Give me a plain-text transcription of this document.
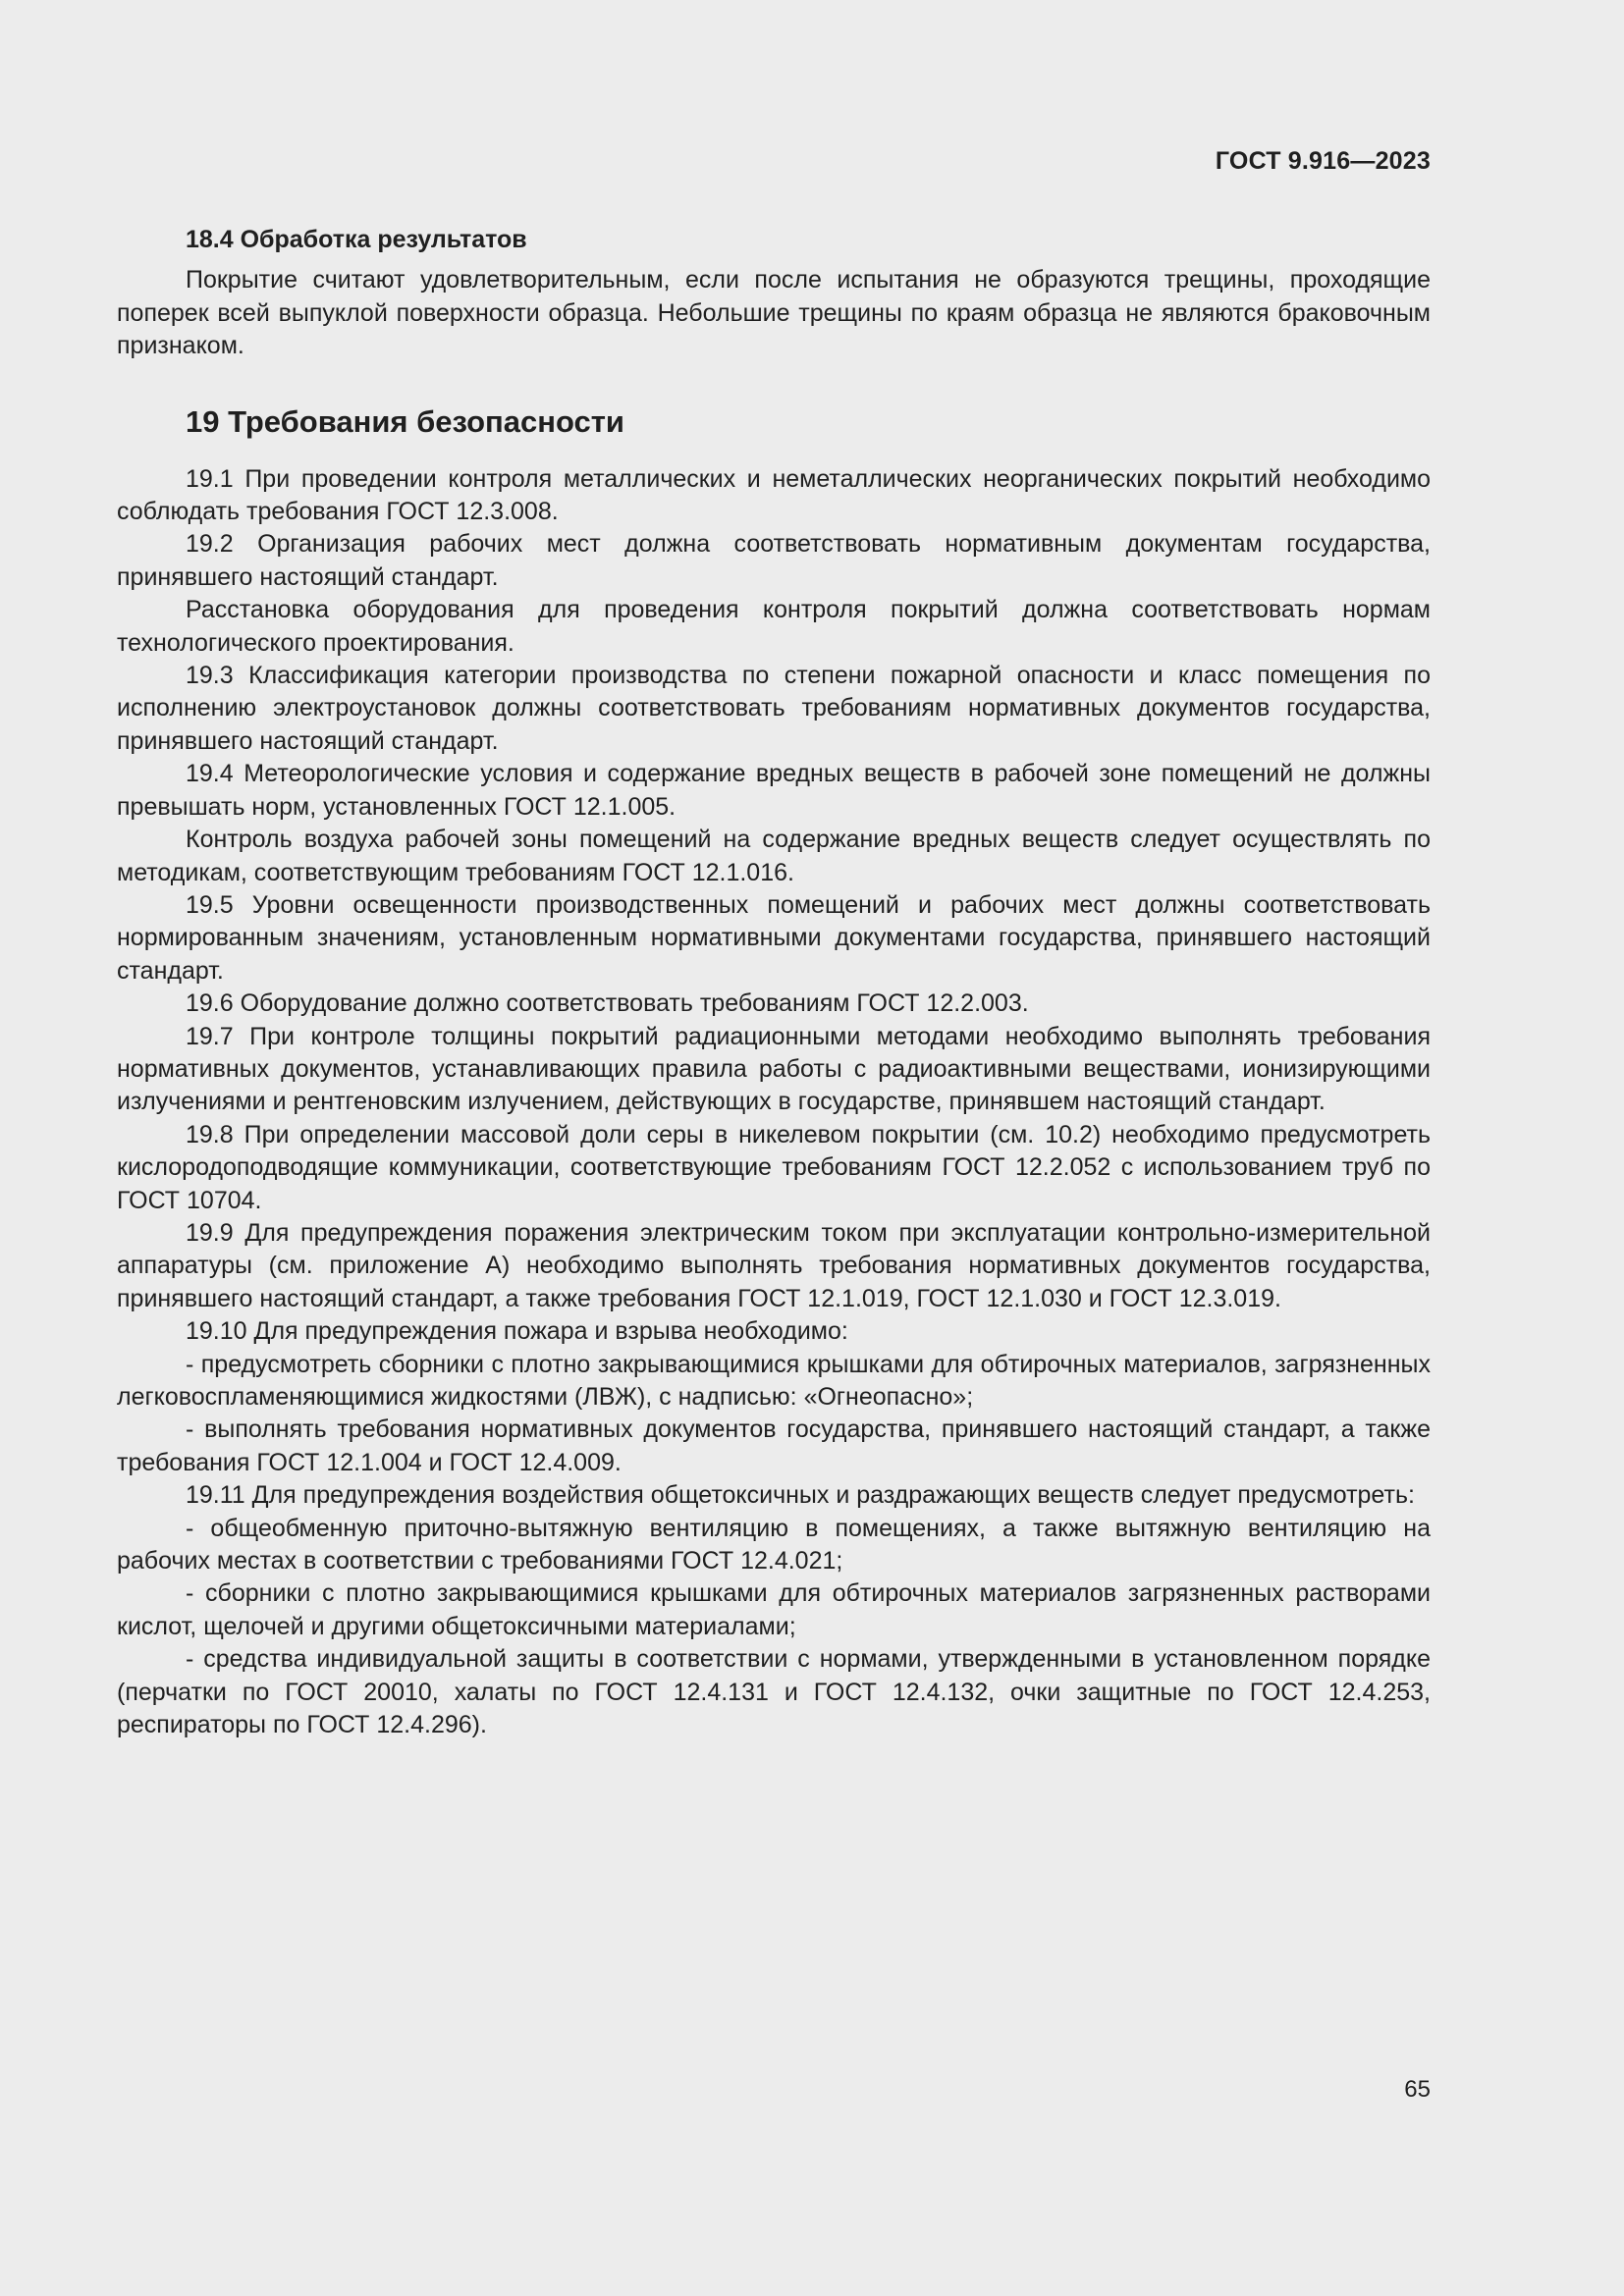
ГОСТ 9.916—2023
18.4 Обработка результатов

Покрытие считают удовлетворительным, если после испытания не образуются трещины, проходящие поперек всей выпуклой поверхности образца. Небольшие трещины по краям образца не являются браковочным признаком.

19 Требования безопасности

19.1 При проведении контроля металлических и неметаллических неорганических покрытий необходимо соблюдать требования ГОСТ 12.3.008.

19.2 Организация рабочих мест должна соответствовать нормативным документам государства, принявшего настоящий стандарт.

Расстановка оборудования для проведения контроля покрытий должна соответствовать нормам технологического проектирования.

19.3 Классификация категории производства по степени пожарной опасности и класс помещения по исполнению электроустановок должны соответствовать требованиям нормативных документов государства, принявшего настоящий стандарт.

19.4 Метеорологические условия и содержание вредных веществ в рабочей зоне помещений не должны превышать норм, установленных ГОСТ 12.1.005.

Контроль воздуха рабочей зоны помещений на содержание вредных веществ следует осуществлять по методикам, соответствующим требованиям ГОСТ 12.1.016.

19.5 Уровни освещенности производственных помещений и рабочих мест должны соответствовать нормированным значениям, установленным нормативными документами государства, принявшего настоящий стандарт.

19.6 Оборудование должно соответствовать требованиям ГОСТ 12.2.003.

19.7 При контроле толщины покрытий радиационными методами необходимо выполнять требования нормативных документов, устанавливающих правила работы с радиоактивными веществами, ионизирующими излучениями и рентгеновским излучением, действующих в государстве, принявшем настоящий стандарт.

19.8 При определении массовой доли серы в никелевом покрытии (см. 10.2) необходимо предусмотреть кислородоподводящие коммуникации, соответствующие требованиям ГОСТ 12.2.052 с использованием труб по ГОСТ 10704.

19.9 Для предупреждения поражения электрическим током при эксплуатации контрольно-измерительной аппаратуры (см. приложение А) необходимо выполнять требования нормативных документов государства, принявшего настоящий стандарт, а также требования ГОСТ 12.1.019, ГОСТ 12.1.030 и ГОСТ 12.3.019.

19.10 Для предупреждения пожара и взрыва необходимо:

- предусмотреть сборники с плотно закрывающимися крышками для обтирочных материалов, загрязненных легковоспламеняющимися жидкостями (ЛВЖ), с надписью: «Огнеопасно»;

- выполнять требования нормативных документов государства, принявшего настоящий стандарт, а также требования ГОСТ 12.1.004 и ГОСТ 12.4.009.

19.11 Для предупреждения воздействия общетоксичных и раздражающих веществ следует предусмотреть:

- общеобменную приточно-вытяжную вентиляцию в помещениях, а также вытяжную вентиляцию на рабочих местах в соответствии с требованиями ГОСТ 12.4.021;

- сборники с плотно закрывающимися крышками для обтирочных материалов загрязненных растворами кислот, щелочей и другими общетоксичными материалами;

- средства индивидуальной защиты в соответствии с нормами, утвержденными в установленном порядке (перчатки по ГОСТ 20010, халаты по ГОСТ 12.4.131 и ГОСТ 12.4.132, очки защитные по ГОСТ 12.4.253, респираторы по ГОСТ 12.4.296).

65
